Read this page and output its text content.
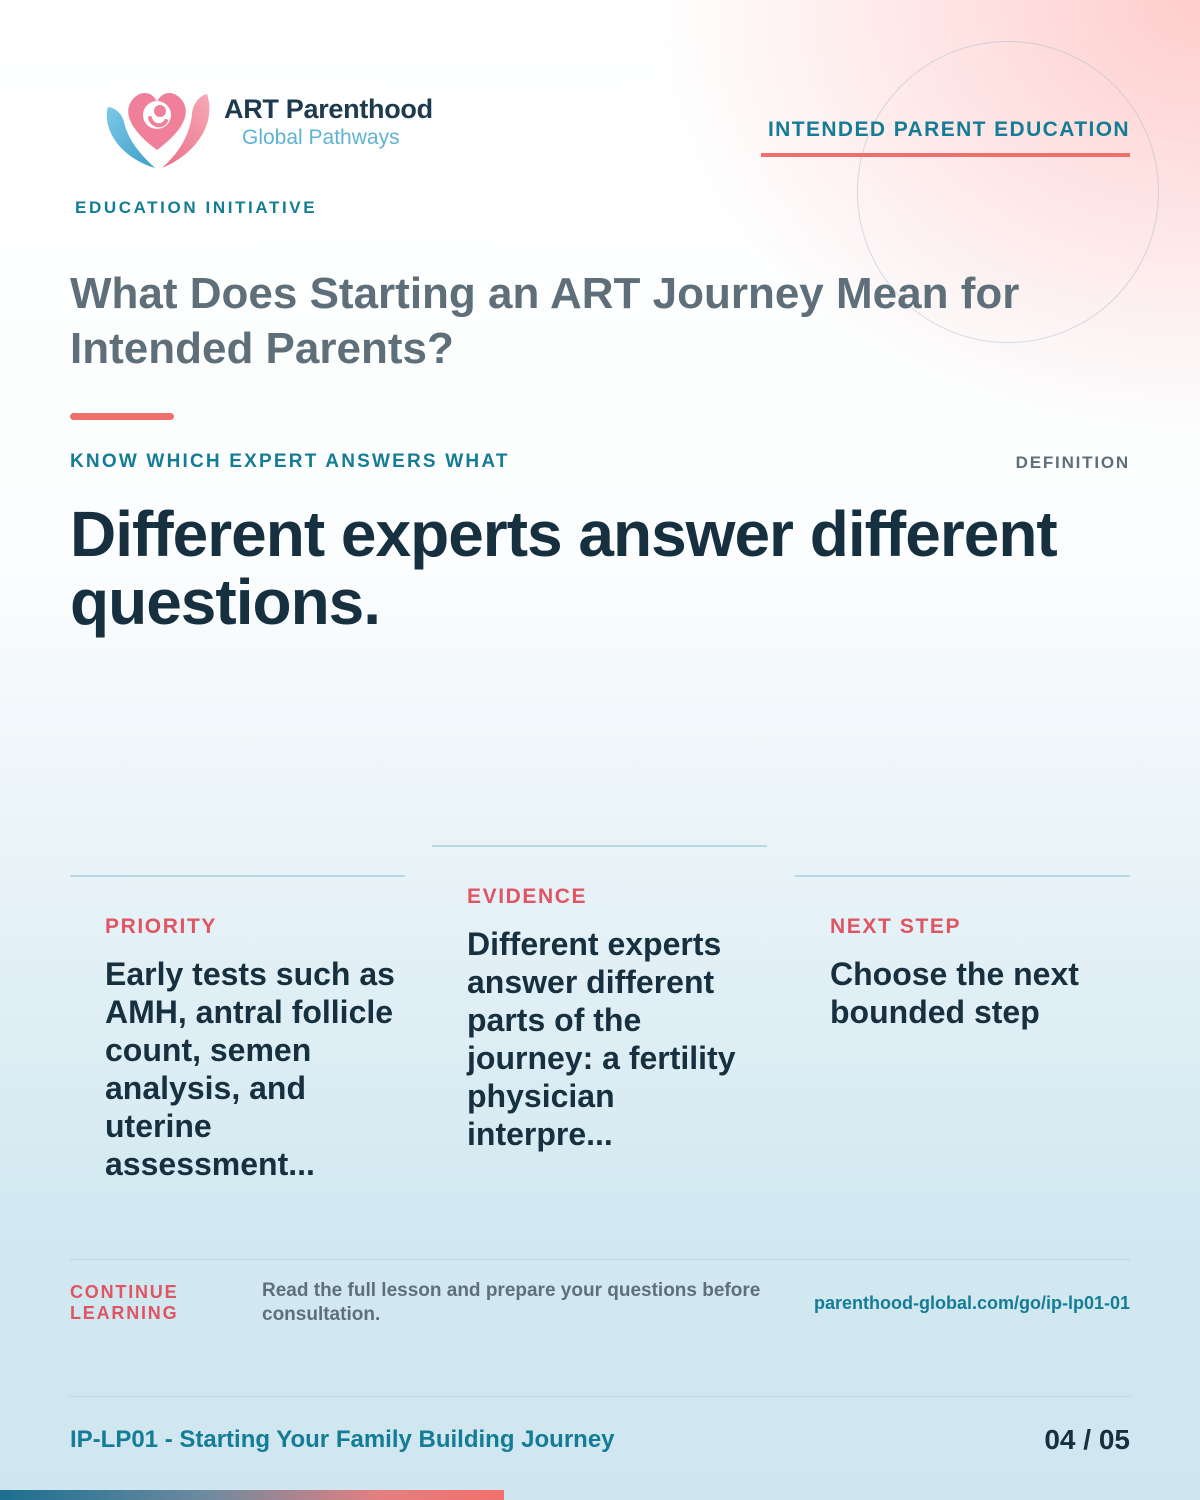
ART Parenthood
Global Pathways	INTENDED PARENT EDUCATION
EDUCATION INITIATIVE
What Does Starting an ART Journey Mean for Intended Parents?
KNOW WHICH EXPERT ANSWERS WHAT	DEFINITION
Different experts answer different questions.
PRIORITY
Early tests such as AMH, antral follicle count, semen analysis, and uterine assessment...
EVIDENCE
Different experts answer different parts of the journey: a fertility physician interpre...
NEXT STEP
Choose the next bounded step
CONTINUE LEARNING
Read the full lesson and prepare your questions before consultation.
parenthood-global.com/go/ip-lp01-01
IP-LP01 - Starting Your Family Building Journey	04 / 05
